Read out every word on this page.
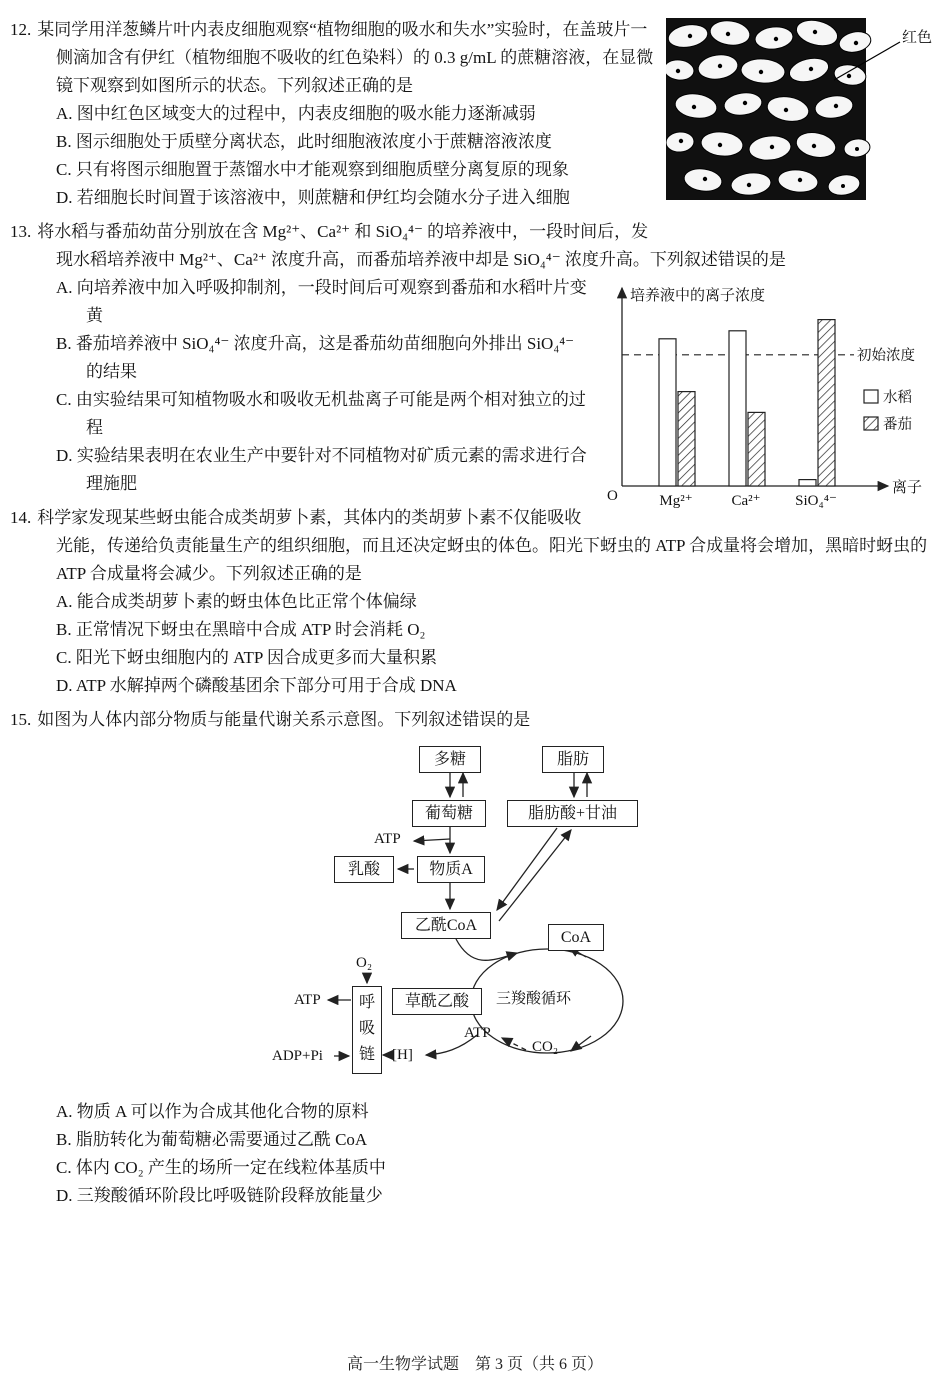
红色

12. 某同学用洋葱鳞片叶内表皮细胞观察“植物细胞的吸水和失水”实验时，在盖玻片一侧滴加含有伊红（植物细胞不吸收的红色染料）的 0.3 g/mL 的蔗糖溶液，在显微镜下观察到如图所示的状态。下列叙述正确的是

A. 图中红色区域变大的过程中，内表皮细胞的吸水能力逐渐减弱

B. 图示细胞处于质壁分离状态，此时细胞液浓度小于蔗糖溶液浓度

C. 只有将图示细胞置于蒸馏水中才能观察到细胞质壁分离复原的现象

D. 若细胞长时间置于该溶液中，则蔗糖和伊红均会随水分子进入细胞

13. 将水稻与番茄幼苗分别放在含 Mg²⁺、Ca²⁺ 和 SiO₄⁴⁻ 的培养液中，一段时间后，发现水稻培养液中 Mg²⁺、Ca²⁺ 浓度升高，而番茄培养液中却是 SiO₄⁴⁻ 浓度升高。下列叙述错误的是

培养液中的离子浓度
O	离子
初始浓度
Mg²⁺	Ca²⁺ SiO₄⁴⁻
水稻
番茄

A. 向培养液中加入呼吸抑制剂，一段时间后可观察到番茄和水稻叶片变黄

B. 番茄培养液中 SiO₄⁴⁻ 浓度升高，这是番茄幼苗细胞向外排出 SiO₄⁴⁻ 的结果

C. 由实验结果可知植物吸水和吸收无机盐离子可能是两个相对独立的过程

D. 实验结果表明在农业生产中要针对不同植物对矿质元素的需求进行合理施肥

14. 科学家发现某些蚜虫能合成类胡萝卜素，其体内的类胡萝卜素不仅能吸收光能，传递给负责能量生产的组织细胞，而且还决定蚜虫的体色。阳光下蚜虫的 ATP 合成量将会增加，黑暗时蚜虫的 ATP 合成量将会减少。下列叙述正确的是

A. 能合成类胡萝卜素的蚜虫体色比正常个体偏绿

B. 正常情况下蚜虫在黑暗中合成 ATP 时会消耗 O₂

C. 阳光下蚜虫细胞内的 ATP 因合成更多而大量积累

D. ATP 水解掉两个磷酸基团余下部分可用于合成 DNA

15. 如图为人体内部分物质与能量代谢关系示意图。下列叙述错误的是

多糖	脂肪
葡萄糖	脂肪酸+甘油
乳酸	物质A
乙酰CoA
CoA
草酰乙酸
呼吸链
三羧酸循环
ATP
O₂
ATP
ADP+Pi	[H]
ATP
CO₂

A. 物质 A 可以作为合成其他化合物的原料

B. 脂肪转化为葡萄糖必需要通过乙酰 CoA

C. 体内 CO₂ 产生的场所一定在线粒体基质中

D. 三羧酸循环阶段比呼吸链阶段释放能量少

高一生物学试题　第 3 页（共 6 页）
